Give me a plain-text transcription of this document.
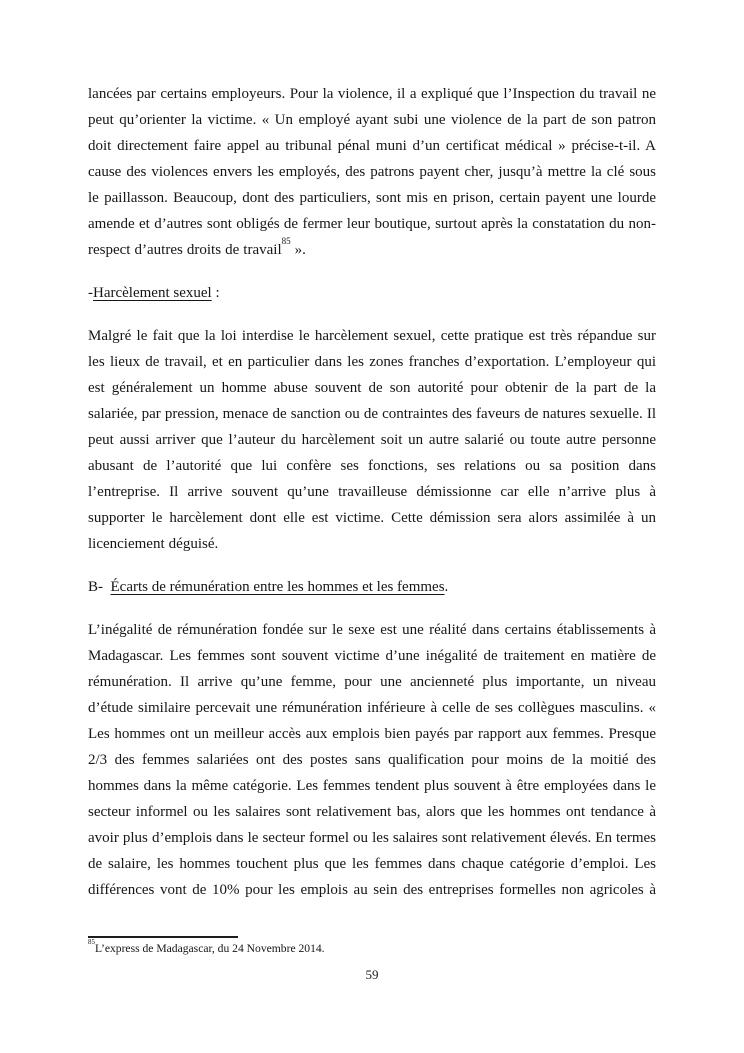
lancées par certains employeurs. Pour la violence, il a expliqué que l’Inspection du travail ne peut qu’orienter la victime. « Un employé ayant subi une violence de la part de son patron doit directement faire appel au tribunal pénal muni d’un certificat médical » précise-t-il. A cause des violences envers les employés, des patrons payent cher, jusqu’à mettre la clé sous le paillasson. Beaucoup, dont des particuliers, sont mis en prison, certain payent une lourde amende et d’autres sont obligés de fermer leur boutique, surtout après la constatation du non-respect d’autres droits de travail$^{85}$ ».

-Harcèlement sexuel :

Malgré le fait que la loi interdise le harcèlement sexuel, cette pratique est très répandue sur les lieux de travail, et en particulier dans les zones franches d’exportation. L’employeur qui est généralement un homme abuse souvent de son autorité pour obtenir de la part de la salariée, par pression, menace de sanction ou de contraintes des faveurs de natures sexuelle. Il peut aussi arriver que l’auteur du harcèlement soit un autre salarié ou toute autre personne abusant de l’autorité que lui confère ses fonctions, ses relations ou sa position dans l’entreprise. Il arrive souvent qu’une travailleuse démissionne car elle n’arrive plus à supporter le harcèlement dont elle est victime. Cette démission sera alors assimilée à un licenciement déguisé.

B-  Écarts de rémunération entre les hommes et les femmes.

L’inégalité de rémunération fondée sur le sexe est une réalité dans certains établissements à Madagascar. Les femmes sont souvent victime d’une inégalité de traitement en matière de rémunération. Il arrive qu’une femme, pour une ancienneté plus importante, un niveau d’étude similaire percevait une rémunération inférieure à celle de ses collègues masculins. « Les hommes ont un meilleur accès aux emplois bien payés par rapport aux femmes. Presque 2/3 des femmes salariées ont des postes sans qualification pour moins de la moitié des hommes dans la même catégorie. Les femmes tendent plus souvent à être employées dans le secteur informel ou les salaires sont relativement bas, alors que les hommes ont tendance à avoir plus d’emplois dans le secteur formel ou les salaires sont relativement élevés. En termes de salaire, les hommes touchent plus que les femmes dans chaque catégorie d’emploi. Les différences vont de 10% pour les emplois au sein des entreprises formelles non agricoles à

$^{85}$L’express de Madagascar, du 24 Novembre 2014.

59
